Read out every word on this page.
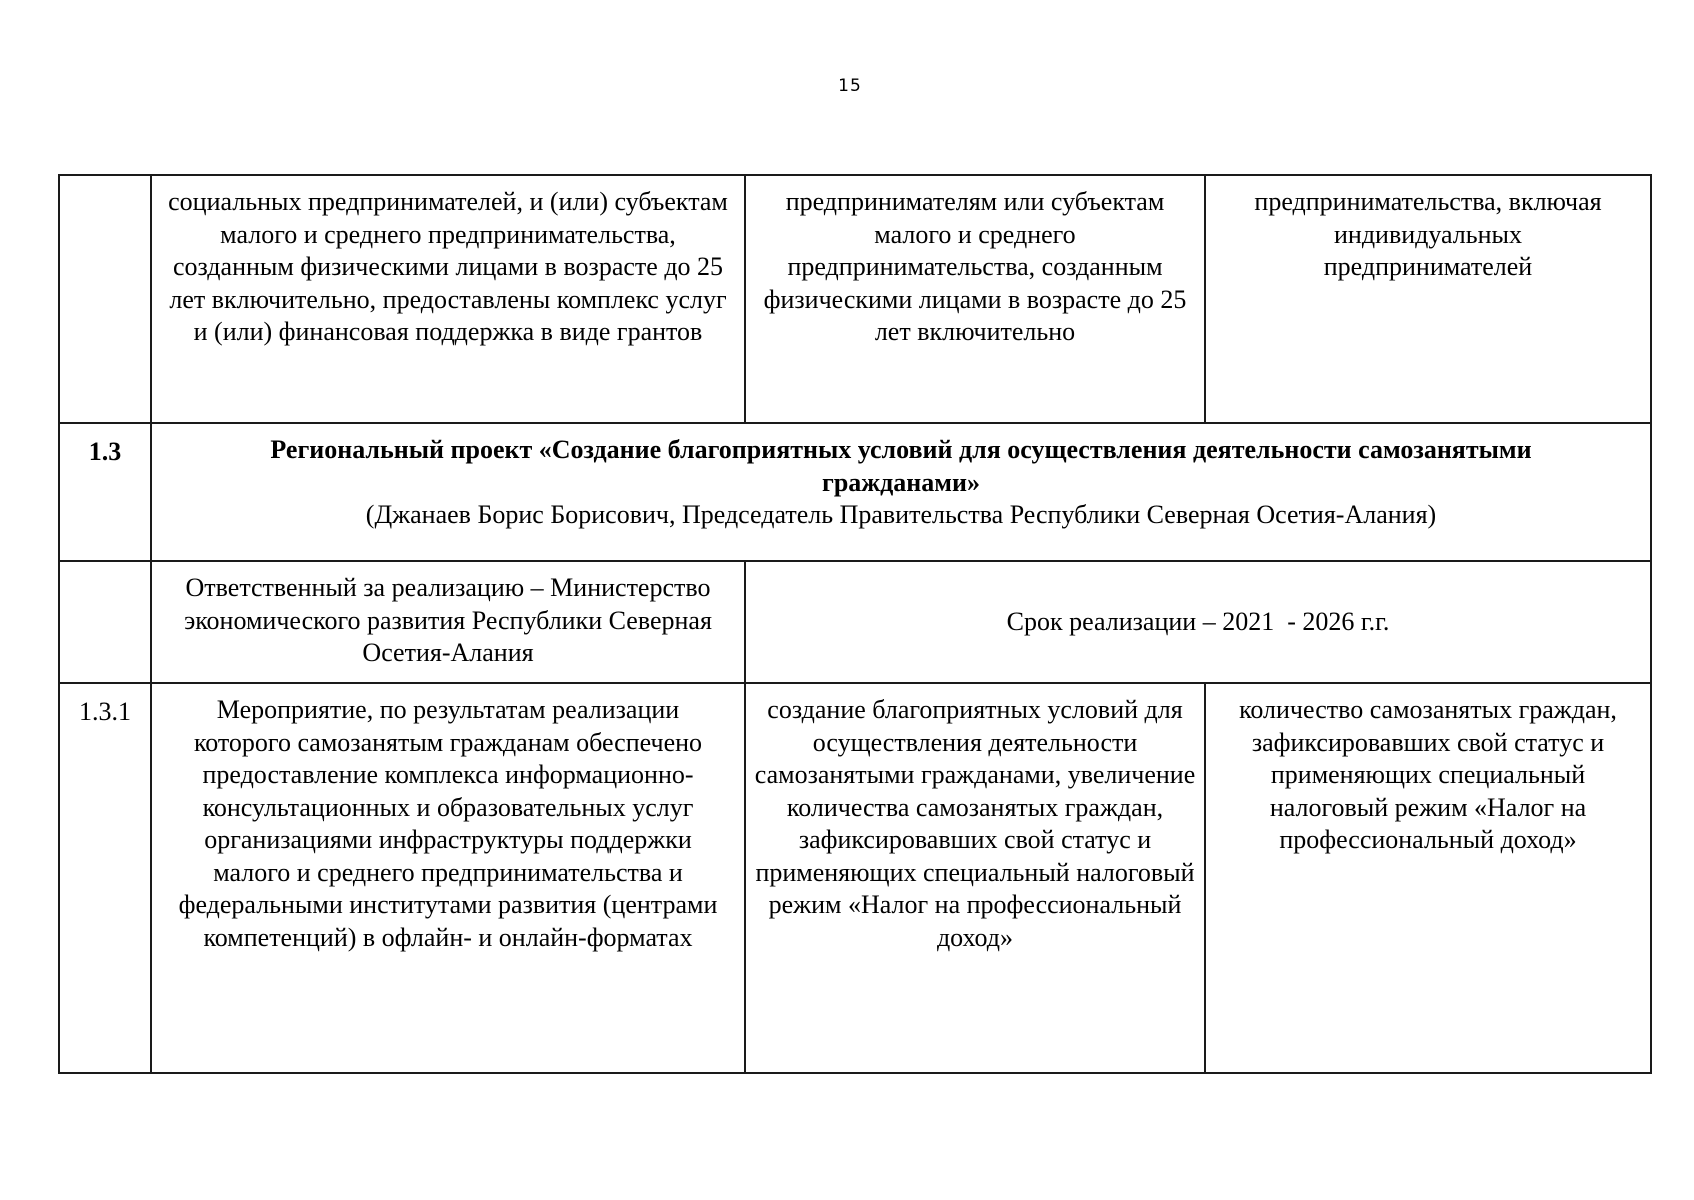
15
социальных предпринимателей, и (или) субъектам малого и среднего предпринимательства, созданным физическими лицами в возрасте до 25 лет включительно, предоставлены комплекс услуг и (или) финансовая поддержка в виде грантов
предпринимателям или субъектам малого и среднего предпринимательства, созданным физическими лицами в возрасте до 25 лет включительно
предпринимательства, включая индивидуальных предпринимателей
1.3	Региональный проект «Создание благоприятных условий для осуществления деятельности самозанятыми гражданами»
(Джанаев Борис Борисович, Председатель Правительства Республики Северная Осетия-Алания)
Ответственный за реализацию – Министерство экономического развития Республики Северная Осетия-Алания
Срок реализации – 2021  - 2026 г.г.
1.3.1	Мероприятие, по результатам реализации которого самозанятым гражданам обеспечено предоставление комплекса информационно-консультационных и образовательных услуг организациями инфраструктуры поддержки малого и среднего предпринимательства и федеральными институтами развития (центрами компетенций) в офлайн- и онлайн-форматах
создание благоприятных условий для осуществления деятельности самозанятыми гражданами, увеличение количества самозанятых граждан, зафиксировавших свой статус и применяющих специальный налоговый режим «Налог на профессиональный доход»
количество самозанятых граждан, зафиксировавших свой статус и применяющих специальный налоговый режим «Налог на профессиональный доход»
